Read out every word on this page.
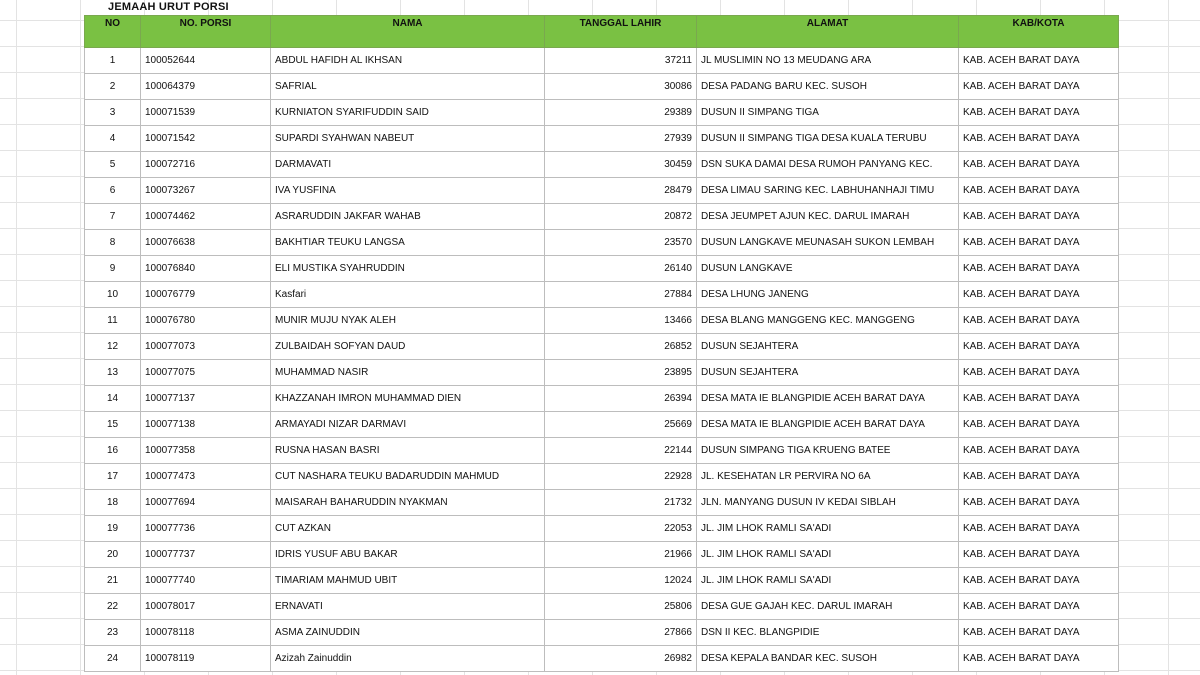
JEMAAH URUT PORSI
NO	NO. PORSI	NAMA	TANGGAL LAHIR	ALAMAT	KAB/KOTA
1	100052644	ABDUL HAFIDH AL IKHSAN	37211	JL MUSLIMIN NO 13 MEUDANG ARA	KAB. ACEH BARAT DAYA
2	100064379	SAFRIAL	30086	DESA PADANG BARU KEC. SUSOH	KAB. ACEH BARAT DAYA
3	100071539	KURNIATON SYARIFUDDIN SAID	29389	DUSUN II SIMPANG TIGA	KAB. ACEH BARAT DAYA
4	100071542	SUPARDI SYAHWAN NABEUT	27939	DUSUN II SIMPANG TIGA DESA KUALA TERUBU	KAB. ACEH BARAT DAYA
5	100072716	DARMAVATI	30459	DSN SUKA DAMAI DESA RUMOH PANYANG KEC.	KAB. ACEH BARAT DAYA
6	100073267	IVA YUSFINA	28479	DESA LIMAU SARING KEC. LABHUHANHAJI TIMU	KAB. ACEH BARAT DAYA
7	100074462	ASRARUDDIN JAKFAR WAHAB	20872	DESA JEUMPET AJUN KEC. DARUL IMARAH	KAB. ACEH BARAT DAYA
8	100076638	BAKHTIAR TEUKU LANGSA	23570	DUSUN LANGKAVE MEUNASAH SUKON LEMBAH	KAB. ACEH BARAT DAYA
9	100076840	ELI MUSTIKA SYAHRUDDIN	26140	DUSUN LANGKAVE	KAB. ACEH BARAT DAYA
10	100076779	Kasfari	27884	DESA LHUNG JANENG	KAB. ACEH BARAT DAYA
11	100076780	MUNIR MUJU NYAK ALEH	13466	DESA BLANG MANGGENG KEC. MANGGENG	KAB. ACEH BARAT DAYA
12	100077073	ZULBAIDAH SOFYAN DAUD	26852	DUSUN SEJAHTERA	KAB. ACEH BARAT DAYA
13	100077075	MUHAMMAD NASIR	23895	DUSUN SEJAHTERA	KAB. ACEH BARAT DAYA
14	100077137	KHAZZANAH IMRON MUHAMMAD DIEN	26394	DESA MATA IE BLANGPIDIE ACEH BARAT DAYA	KAB. ACEH BARAT DAYA
15	100077138	ARMAYADI NIZAR DARMAVI	25669	DESA MATA IE BLANGPIDIE ACEH BARAT DAYA	KAB. ACEH BARAT DAYA
16	100077358	RUSNA HASAN BASRI	22144	DUSUN SIMPANG TIGA KRUENG BATEE	KAB. ACEH BARAT DAYA
17	100077473	CUT NASHARA TEUKU BADARUDDIN MAHMUD	22928	JL. KESEHATAN LR PERVIRA NO 6A	KAB. ACEH BARAT DAYA
18	100077694	MAISARAH BAHARUDDIN NYAKMAN	21732	JLN. MANYANG DUSUN IV KEDAI SIBLAH	KAB. ACEH BARAT DAYA
19	100077736	CUT AZKAN	22053	JL. JIM LHOK RAMLI SA'ADI	KAB. ACEH BARAT DAYA
20	100077737	IDRIS YUSUF ABU BAKAR	21966	JL. JIM LHOK RAMLI SA'ADI	KAB. ACEH BARAT DAYA
21	100077740	TIMARIAM MAHMUD UBIT	12024	JL. JIM LHOK RAMLI SA'ADI	KAB. ACEH BARAT DAYA
22	100078017	ERNAVATI	25806	DESA GUE GAJAH KEC. DARUL IMARAH	KAB. ACEH BARAT DAYA
23	100078118	ASMA ZAINUDDIN	27866	DSN II KEC. BLANGPIDIE	KAB. ACEH BARAT DAYA
24	100078119	Azizah Zainuddin	26982	DESA KEPALA BANDAR KEC. SUSOH	KAB. ACEH BARAT DAYA
